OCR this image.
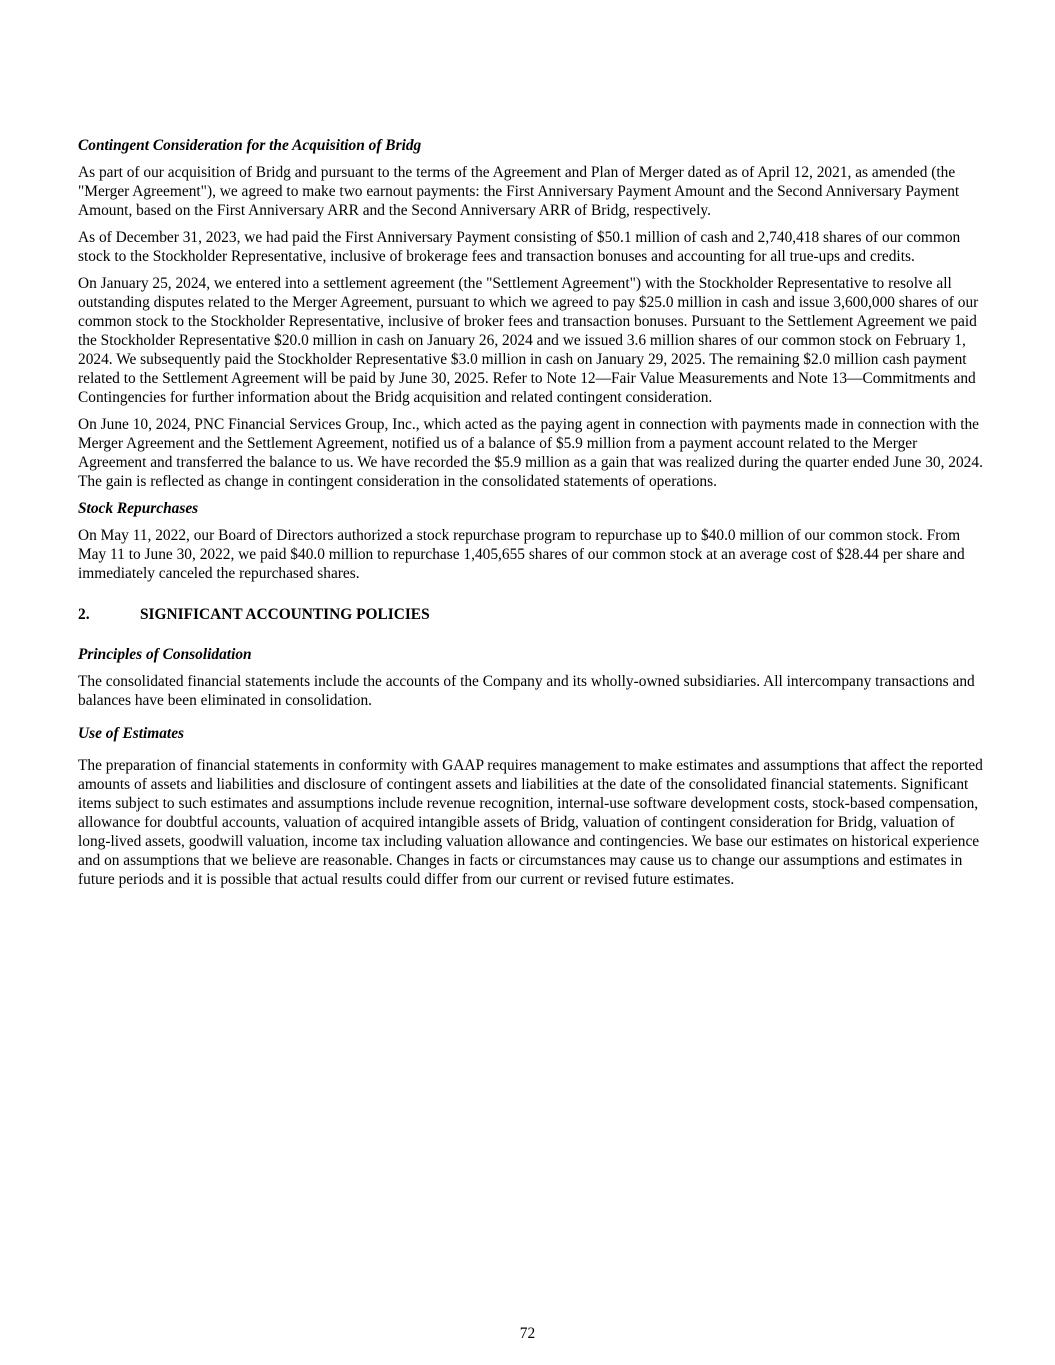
Contingent Consideration for the Acquisition of Bridg

As part of our acquisition of Bridg and pursuant to the terms of the Agreement and Plan of Merger dated as of April 12, 2021, as amended (the "Merger Agreement"), we agreed to make two earnout payments: the First Anniversary Payment Amount and the Second Anniversary Payment Amount, based on the First Anniversary ARR and the Second Anniversary ARR of Bridg, respectively.

As of December 31, 2023, we had paid the First Anniversary Payment consisting of $50.1 million of cash and 2,740,418 shares of our common stock to the Stockholder Representative, inclusive of brokerage fees and transaction bonuses and accounting for all true-ups and credits.

On January 25, 2024, we entered into a settlement agreement (the "Settlement Agreement") with the Stockholder Representative to resolve all outstanding disputes related to the Merger Agreement, pursuant to which we agreed to pay $25.0 million in cash and issue 3,600,000 shares of our common stock to the Stockholder Representative, inclusive of broker fees and transaction bonuses. Pursuant to the Settlement Agreement we paid the Stockholder Representative $20.0 million in cash on January 26, 2024 and we issued 3.6 million shares of our common stock on February 1, 2024. We subsequently paid the Stockholder Representative $3.0 million in cash on January 29, 2025. The remaining $2.0 million cash payment related to the Settlement Agreement will be paid by June 30, 2025. Refer to Note 12—Fair Value Measurements and Note 13—Commitments and Contingencies for further information about the Bridg acquisition and related contingent consideration.

On June 10, 2024, PNC Financial Services Group, Inc., which acted as the paying agent in connection with payments made in connection with the Merger Agreement and the Settlement Agreement, notified us of a balance of $5.9 million from a payment account related to the Merger Agreement and transferred the balance to us. We have recorded the $5.9 million as a gain that was realized during the quarter ended June 30, 2024. The gain is reflected as change in contingent consideration in the consolidated statements of operations.

Stock Repurchases

On May 11, 2022, our Board of Directors authorized a stock repurchase program to repurchase up to $40.0 million of our common stock. From May 11 to June 30, 2022, we paid $40.0 million to repurchase 1,405,655 shares of our common stock at an average cost of $28.44 per share and immediately canceled the repurchased shares.

2.	SIGNIFICANT ACCOUNTING POLICIES
Principles of Consolidation

The consolidated financial statements include the accounts of the Company and its wholly-owned subsidiaries. All intercompany transactions and balances have been eliminated in consolidation.

Use of Estimates

The preparation of financial statements in conformity with GAAP requires management to make estimates and assumptions that affect the reported amounts of assets and liabilities and disclosure of contingent assets and liabilities at the date of the consolidated financial statements. Significant items subject to such estimates and assumptions include revenue recognition, internal-use software development costs, stock-based compensation, allowance for doubtful accounts, valuation of acquired intangible assets of Bridg, valuation of contingent consideration for Bridg, valuation of long-lived assets, goodwill valuation, income tax including valuation allowance and contingencies. We base our estimates on historical experience and on assumptions that we believe are reasonable. Changes in facts or circumstances may cause us to change our assumptions and estimates in future periods and it is possible that actual results could differ from our current or revised future estimates.

72
